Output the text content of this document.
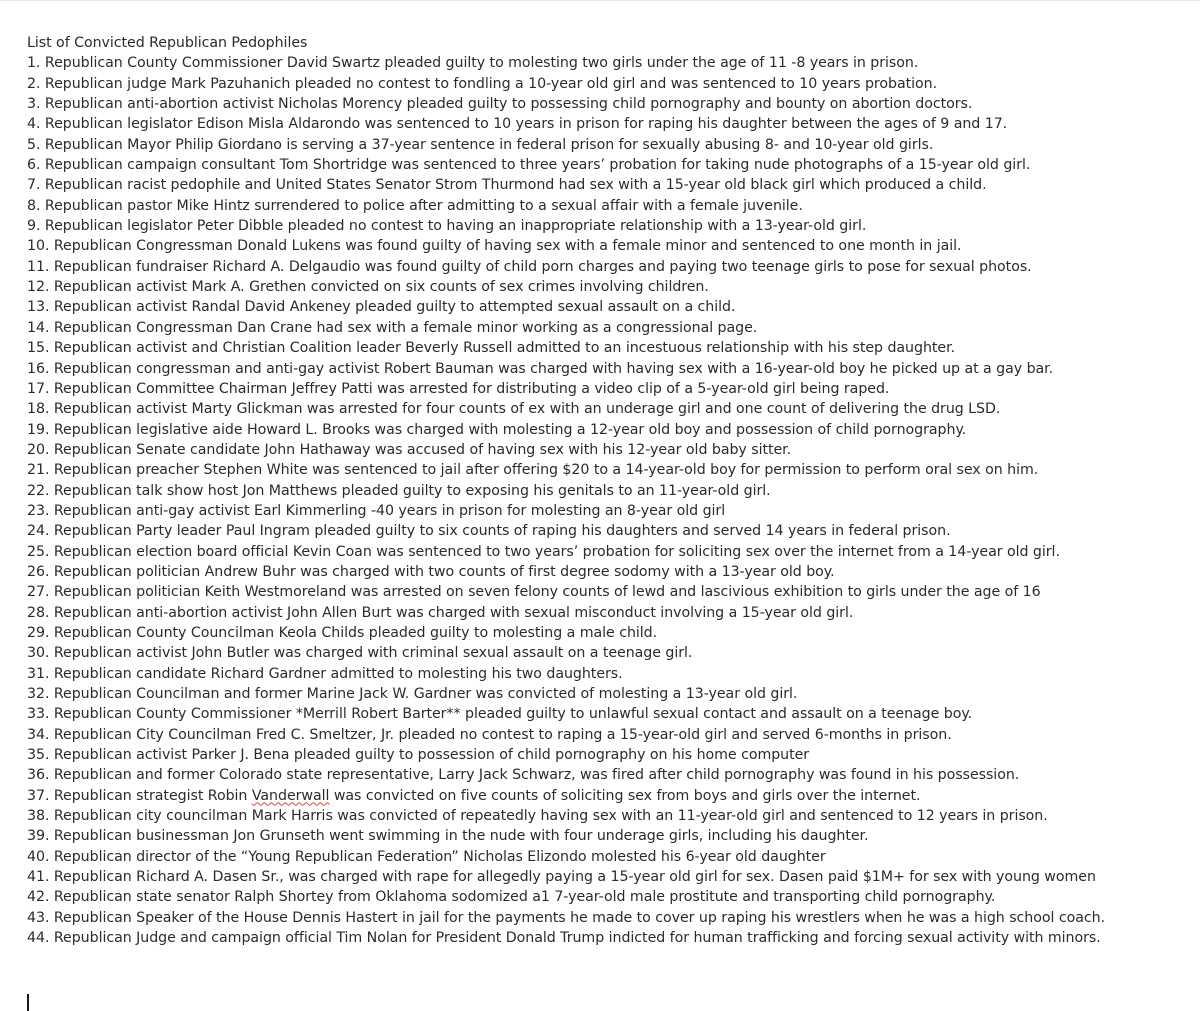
List of Convicted Republican Pedophiles
1. Republican County Commissioner David Swartz pleaded guilty to molesting two girls under the age of 11 -8 years in prison.
2. Republican judge Mark Pazuhanich pleaded no contest to fondling a 10-year old girl and was sentenced to 10 years probation.
3. Republican anti-abortion activist Nicholas Morency pleaded guilty to possessing child pornography and bounty on abortion doctors.
4. Republican legislator Edison Misla Aldarondo was sentenced to 10 years in prison for raping his daughter between the ages of 9 and 17.
5. Republican Mayor Philip Giordano is serving a 37-year sentence in federal prison for sexually abusing 8- and 10-year old girls.
6. Republican campaign consultant Tom Shortridge was sentenced to three years’ probation for taking nude photographs of a 15-year old girl.
7. Republican racist pedophile and United States Senator Strom Thurmond had sex with a 15-year old black girl which produced a child.
8. Republican pastor Mike Hintz surrendered to police after admitting to a sexual affair with a female juvenile.
9. Republican legislator Peter Dibble pleaded no contest to having an inappropriate relationship with a 13-year-old girl.
10. Republican Congressman Donald Lukens was found guilty of having sex with a female minor and sentenced to one month in jail.
11. Republican fundraiser Richard A. Delgaudio was found guilty of child porn charges and paying two teenage girls to pose for sexual photos.
12. Republican activist Mark A. Grethen convicted on six counts of sex crimes involving children.
13. Republican activist Randal David Ankeney pleaded guilty to attempted sexual assault on a child.
14. Republican Congressman Dan Crane had sex with a female minor working as a congressional page.
15. Republican activist and Christian Coalition leader Beverly Russell admitted to an incestuous relationship with his step daughter.
16. Republican congressman and anti-gay activist Robert Bauman was charged with having sex with a 16-year-old boy he picked up at a gay bar.
17. Republican Committee Chairman Jeffrey Patti was arrested for distributing a video clip of a 5-year-old girl being raped.
18. Republican activist Marty Glickman was arrested for four counts of ex with an underage girl and one count of delivering the drug LSD.
19. Republican legislative aide Howard L. Brooks was charged with molesting a 12-year old boy and possession of child pornography.
20. Republican Senate candidate John Hathaway was accused of having sex with his 12-year old baby sitter.
21. Republican preacher Stephen White was sentenced to jail after offering $20 to a 14-year-old boy for permission to perform oral sex on him.
22. Republican talk show host Jon Matthews pleaded guilty to exposing his genitals to an 11-year-old girl.
23. Republican anti-gay activist Earl Kimmerling -40 years in prison for molesting an 8-year old girl
24. Republican Party leader Paul Ingram pleaded guilty to six counts of raping his daughters and served 14 years in federal prison.
25. Republican election board official Kevin Coan was sentenced to two years’ probation for soliciting sex over the internet from a 14-year old girl.
26. Republican politician Andrew Buhr was charged with two counts of first degree sodomy with a 13-year old boy.
27. Republican politician Keith Westmoreland was arrested on seven felony counts of lewd and lascivious exhibition to girls under the age of 16
28. Republican anti-abortion activist John Allen Burt was charged with sexual misconduct involving a 15-year old girl.
29. Republican County Councilman Keola Childs pleaded guilty to molesting a male child.
30. Republican activist John Butler was charged with criminal sexual assault on a teenage girl.
31. Republican candidate Richard Gardner admitted to molesting his two daughters.
32. Republican Councilman and former Marine Jack W. Gardner was convicted of molesting a 13-year old girl.
33. Republican County Commissioner *Merrill Robert Barter** pleaded guilty to unlawful sexual contact and assault on a teenage boy.
34. Republican City Councilman Fred C. Smeltzer, Jr. pleaded no contest to raping a 15-year-old girl and served 6-months in prison.
35. Republican activist Parker J. Bena pleaded guilty to possession of child pornography on his home computer
36. Republican and former Colorado state representative, Larry Jack Schwarz, was fired after child pornography was found in his possession.
37. Republican strategist Robin Vanderwall was convicted on five counts of soliciting sex from boys and girls over the internet.
38. Republican city councilman Mark Harris was convicted of repeatedly having sex with an 11-year-old girl and sentenced to 12 years in prison.
39. Republican businessman Jon Grunseth went swimming in the nude with four underage girls, including his daughter.
40. Republican director of the “Young Republican Federation” Nicholas Elizondo molested his 6-year old daughter
41. Republican Richard A. Dasen Sr., was charged with rape for allegedly paying a 15-year old girl for sex. Dasen paid $1M+ for sex with young women
42. Republican state senator Ralph Shortey from Oklahoma sodomized a1 7-year-old male prostitute and transporting child pornography.
43. Republican Speaker of the House Dennis Hastert in jail for the payments he made to cover up raping his wrestlers when he was a high school coach.
44. Republican Judge and campaign official Tim Nolan for President Donald Trump indicted for human trafficking and forcing sexual activity with minors.
